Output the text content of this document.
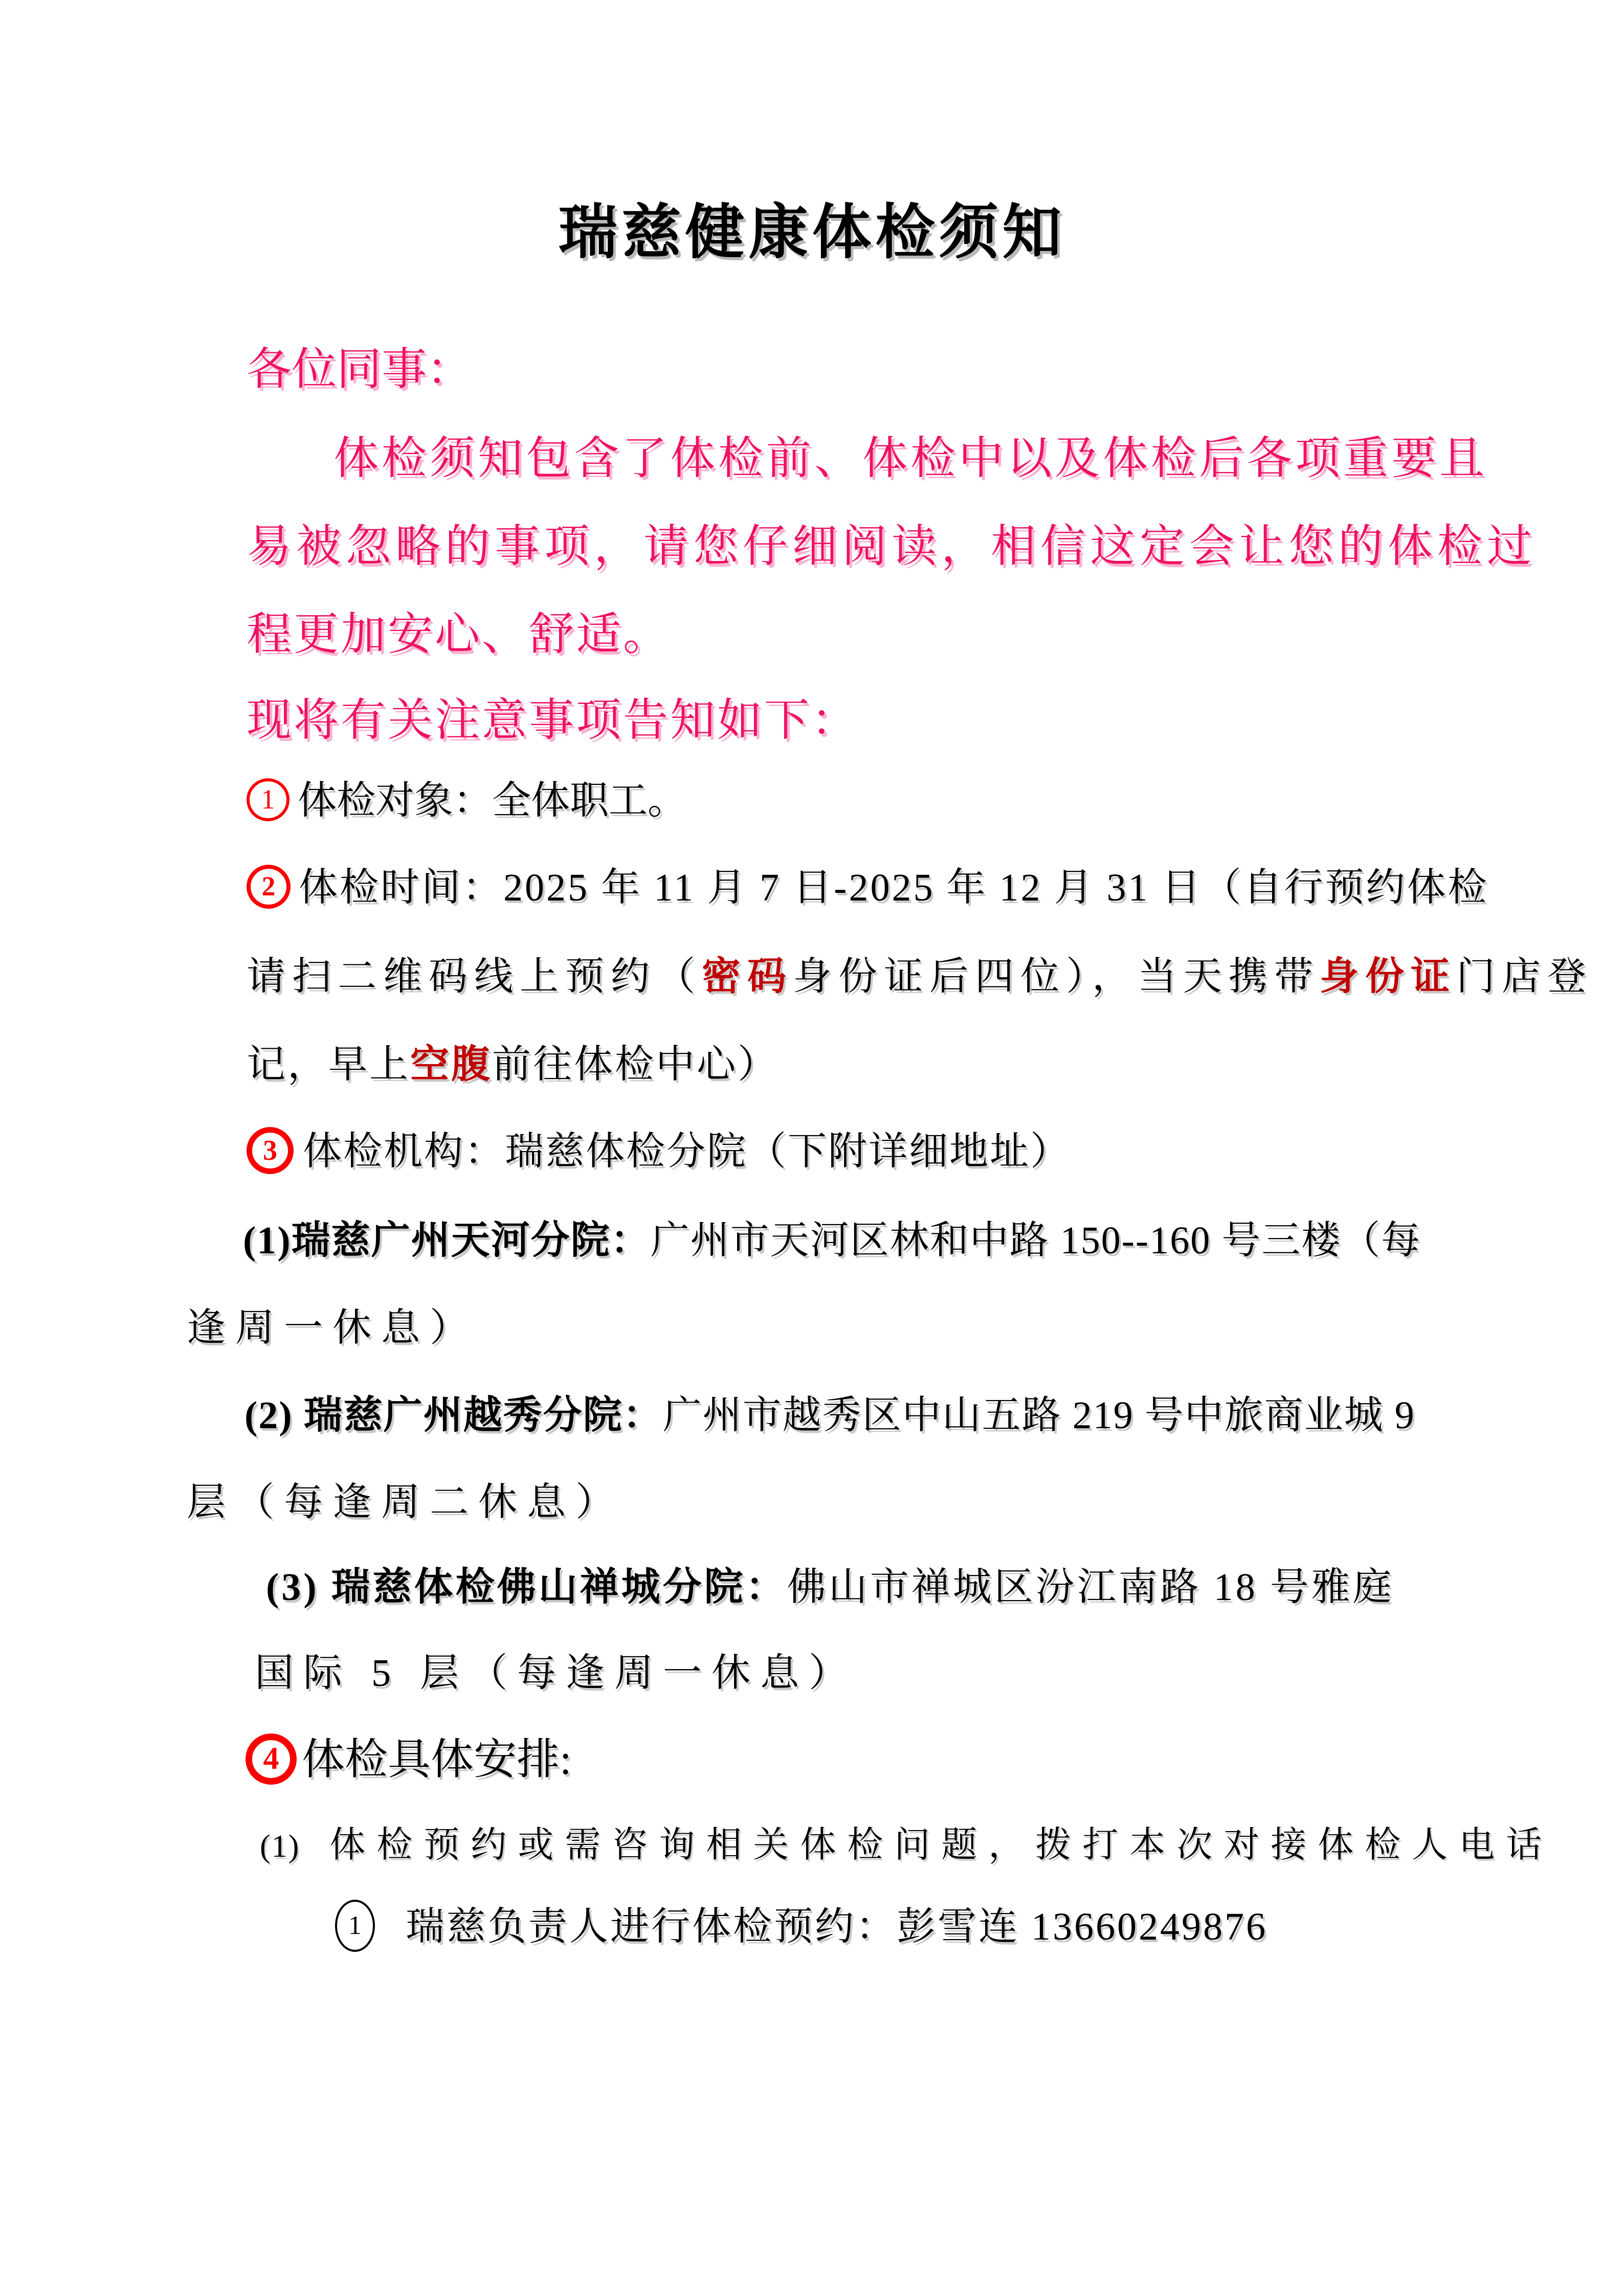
瑞慈健康体检须知
各位同事：
体检须知包含了体检前、体检中以及体检后各项重要且
易被忽略的事项，请您仔细阅读，相信这定会让您的体检过
程更加安心、舒适。
现将有关注意事项告知如下：
1 体检对象：全体职工。
2 体检时间：2025 年 11 月 7 日-2025 年 12 月 31 日（自行预约体检
请扫二维码线上预约（密码身份证后四位），当天携带身份证门店登
记，早上空腹前往体检中心）
3 体检机构：瑞慈体检分院（下附详细地址）
(1)瑞慈广州天河分院：广州市天河区林和中路 150--160 号三楼（每
逢周一休息）
(2) 瑞慈广州越秀分院：广州市越秀区中山五路 219 号中旅商业城 9
层（每逢周二休息）
(3) 瑞慈体检佛山禅城分院：佛山市禅城区汾江南路 18 号雅庭
国际 5 层（每逢周一休息）
4 体检具体安排:
(1) 体检预约或需咨询相关体检问题，拨打本次对接体检人电话
1 瑞慈负责人进行体检预约：彭雪连 13660249876
